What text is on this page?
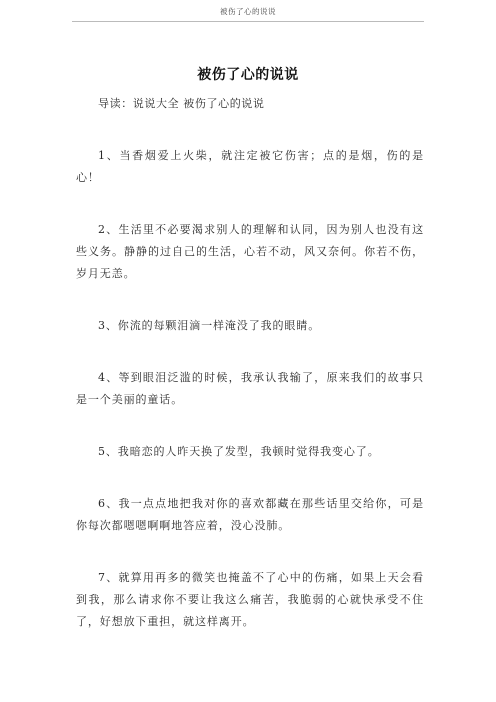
被伤了心的说说
被伤了心的说说

导读：说说大全 被伤了心的说说

1、当香烟爱上火柴，就注定被它伤害；点的是烟，伤的是心！

2、生活里不必要渴求别人的理解和认同，因为别人也没有这些义务。静静的过自己的生活，心若不动，风又奈何。你若不伤，岁月无恙。

3、你流的每颗泪滴一样淹没了我的眼睛。

4、等到眼泪泛滥的时候，我承认我输了，原来我们的故事只是一个美丽的童话。

5、我暗恋的人昨天换了发型，我顿时觉得我变心了。

6、我一点点地把我对你的喜欢都藏在那些话里交给你，可是你每次都嗯嗯啊啊地答应着，没心没肺。

7、就算用再多的微笑也掩盖不了心中的伤痛，如果上天会看到我，那么请求你不要让我这么痛苦，我脆弱的心就快承受不住了，好想放下重担，就这样离开。
